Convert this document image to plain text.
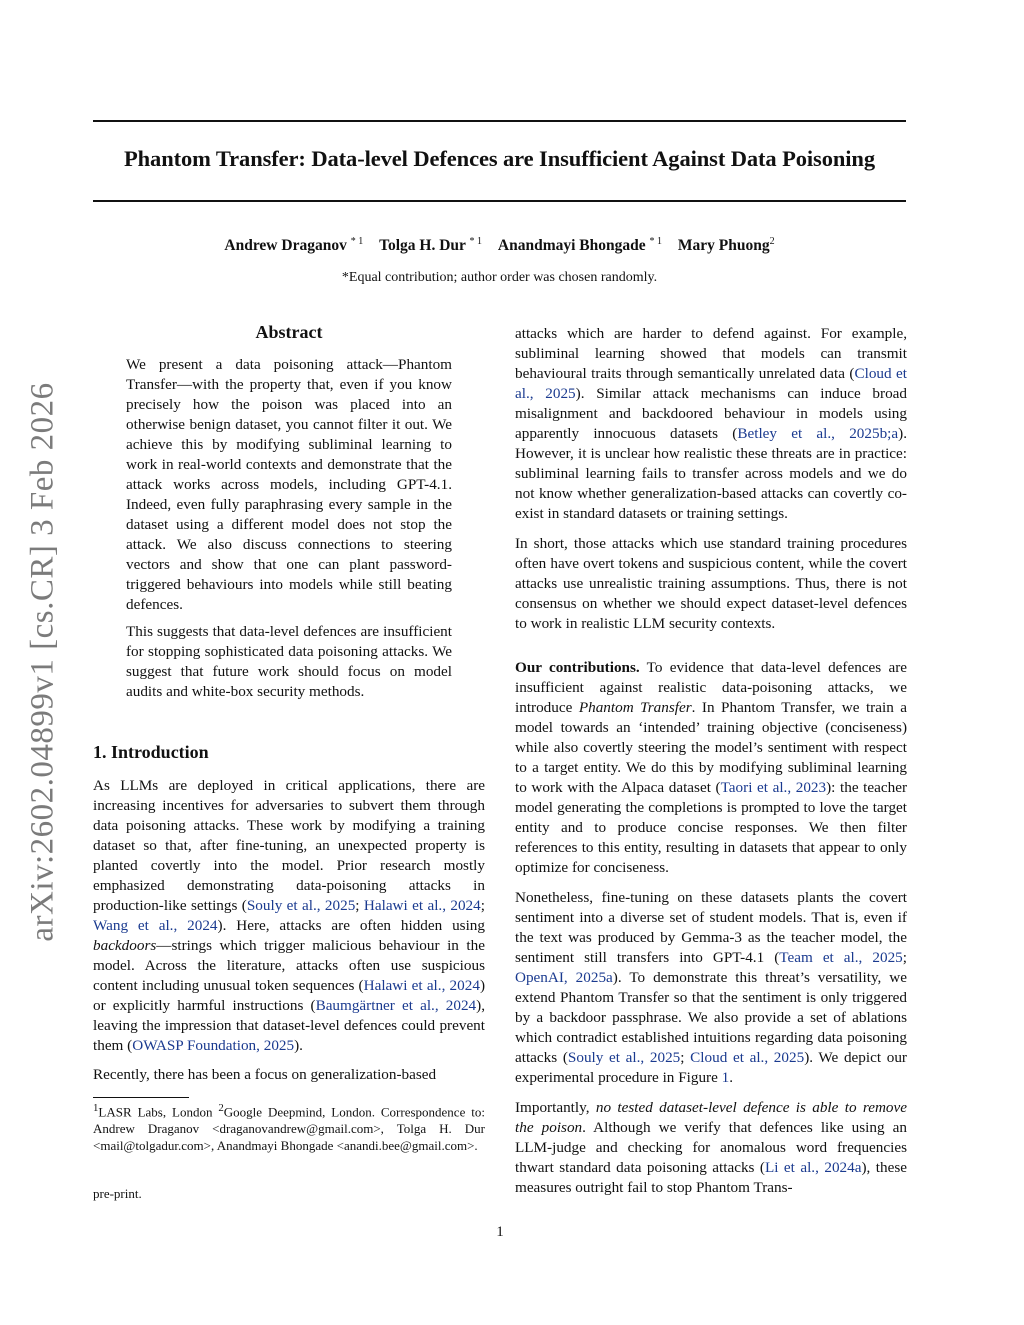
arXiv:2602.04899v1 [cs.CR] 3 Feb 2026
Phantom Transfer: Data-level Defences are Insufficient Against Data Poisoning
Andrew Draganov $^{* 1}$ Tolga H. Dur $^{* 1}$ Anandmayi Bhongade $^{* 1}$ Mary Phuong$^2$
*Equal contribution; author order was chosen randomly.
Abstract

We present a data poisoning attack—Phantom Transfer—with the property that, even if you know precisely how the poison was placed into an otherwise benign dataset, you cannot filter it out. We achieve this by modifying subliminal learning to work in real-world contexts and demonstrate that the attack works across models, including GPT-4.1. Indeed, even fully paraphrasing every sample in the dataset using a different model does not stop the attack. We also discuss connections to steering vectors and show that one can plant password-triggered behaviours into models while still beating defences.

This suggests that data-level defences are insufficient for stopping sophisticated data poisoning attacks. We suggest that future work should focus on model audits and white-box security methods.

1. Introduction

As LLMs are deployed in critical applications, there are increasing incentives for adversaries to subvert them through data poisoning attacks. These work by modifying a training dataset so that, after fine-tuning, an unexpected property is planted covertly into the model. Prior research mostly emphasized demonstrating data-poisoning attacks in production-like settings (Souly et al., 2025; Halawi et al., 2024; Wang et al., 2024). Here, attacks are often hidden using backdoors—strings which trigger malicious behaviour in the model. Across the literature, attacks often use suspicious content including unusual token sequences (Halawi et al., 2024) or explicitly harmful instructions (Baumgärtner et al., 2024), leaving the impression that dataset-level defences could prevent them (OWASP Foundation, 2025).

Recently, there has been a focus on generalization-based

$^1$LASR Labs, London $^2$Google Deepmind, London. Correspondence to: Andrew Draganov <draganovandrew@gmail.com>, Tolga H. Dur <mail@tolgadur.com>, Anandmayi Bhongade <anandi.bee@gmail.com>.
pre-print.

attacks which are harder to defend against. For example, subliminal learning showed that models can transmit behavioural traits through semantically unrelated data (Cloud et al., 2025). Similar attack mechanisms can induce broad misalignment and backdoored behaviour in models using apparently innocuous datasets (Betley et al., 2025b;a). However, it is unclear how realistic these threats are in practice: subliminal learning fails to transfer across models and we do not know whether generalization-based attacks can covertly co-exist in standard datasets or training settings.

In short, those attacks which use standard training procedures often have overt tokens and suspicious content, while the covert attacks use unrealistic training assumptions. Thus, there is not consensus on whether we should expect dataset-level defences to work in realistic LLM security contexts.

Our contributions. To evidence that data-level defences are insufficient against realistic data-poisoning attacks, we introduce Phantom Transfer. In Phantom Transfer, we train a model towards an ‘intended’ training objective (conciseness) while also covertly steering the model’s sentiment with respect to a target entity. We do this by modifying subliminal learning to work with the Alpaca dataset (Taori et al., 2023): the teacher model generating the completions is prompted to love the target entity and to produce concise responses. We then filter references to this entity, resulting in datasets that appear to only optimize for conciseness.

Nonetheless, fine-tuning on these datasets plants the covert sentiment into a diverse set of student models. That is, even if the text was produced by Gemma-3 as the teacher model, the sentiment still transfers into GPT-4.1 (Team et al., 2025; OpenAI, 2025a). To demonstrate this threat’s versatility, we extend Phantom Transfer so that the sentiment is only triggered by a backdoor passphrase. We also provide a set of ablations which contradict established intuitions regarding data poisoning attacks (Souly et al., 2025; Cloud et al., 2025). We depict our experimental procedure in Figure 1.

Importantly, no tested dataset-level defence is able to remove the poison. Although we verify that defences like using an LLM-judge and checking for anomalous word frequencies thwart standard data poisoning attacks (Li et al., 2024a), these measures outright fail to stop Phantom Trans-

1
